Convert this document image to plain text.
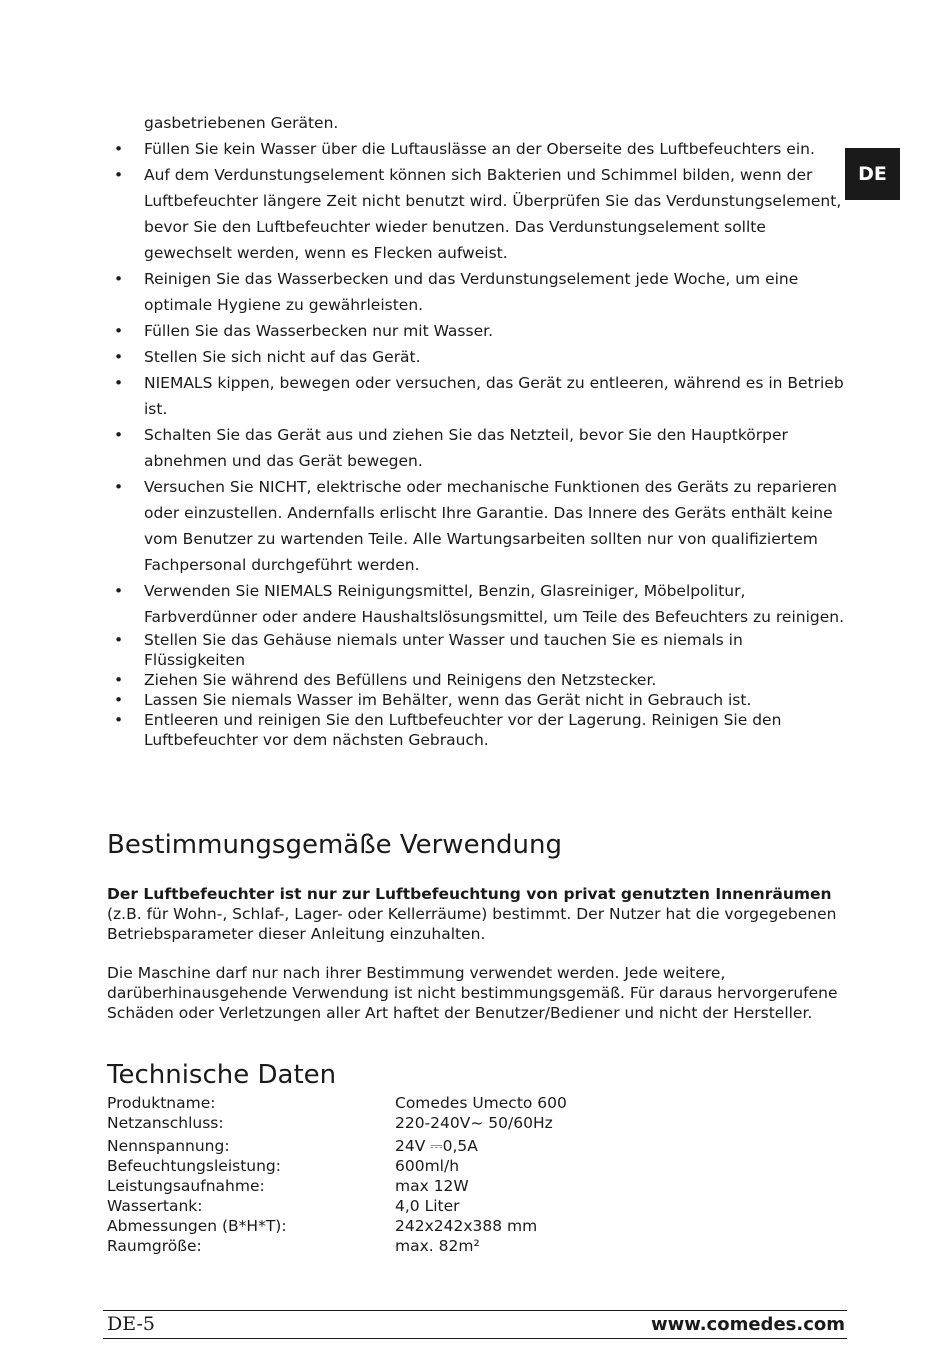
DE
gasbetriebenen Geräten.
• Füllen Sie kein Wasser über die Luftauslässe an der Oberseite des Luftbefeuchters ein.
• Auf dem Verdunstungselement können sich Bakterien und Schimmel bilden, wenn der Luftbefeuchter längere Zeit nicht benutzt wird. Überprüfen Sie das Verdunstungselement, bevor Sie den Luftbefeuchter wieder benutzen. Das Verdunstungselement sollte gewechselt werden, wenn es Flecken aufweist.
• Reinigen Sie das Wasserbecken und das Verdunstungselement jede Woche, um eine optimale Hygiene zu gewährleisten.
• Füllen Sie das Wasserbecken nur mit Wasser.
• Stellen Sie sich nicht auf das Gerät.
• NIEMALS kippen, bewegen oder versuchen, das Gerät zu entleeren, während es in Betrieb ist.
• Schalten Sie das Gerät aus und ziehen Sie das Netzteil, bevor Sie den Hauptkörper abnehmen und das Gerät bewegen.
• Versuchen Sie NICHT, elektrische oder mechanische Funktionen des Geräts zu reparieren oder einzustellen. Andernfalls erlischt Ihre Garantie. Das Innere des Geräts enthält keine vom Benutzer zu wartenden Teile. Alle Wartungsarbeiten sollten nur von qualifiziertem Fachpersonal durchgeführt werden.
• Verwenden Sie NIEMALS Reinigungsmittel, Benzin, Glasreiniger, Möbelpolitur, Farbverdünner oder andere Haushaltslösungsmittel, um Teile des Befeuchters zu reinigen.
• Stellen Sie das Gehäuse niemals unter Wasser und tauchen Sie es niemals in Flüssigkeiten
• Ziehen Sie während des Befüllens und Reinigens den Netzstecker.
• Lassen Sie niemals Wasser im Behälter, wenn das Gerät nicht in Gebrauch ist.
• Entleeren und reinigen Sie den Luftbefeuchter vor der Lagerung. Reinigen Sie den Luftbefeuchter vor dem nächsten Gebrauch.
Bestimmungsgemäße Verwendung

Der Luftbefeuchter ist nur zur Luftbefeuchtung von privat genutzten Innenräumen (z.B. für Wohn-, Schlaf-, Lager- oder Kellerräume) bestimmt. Der Nutzer hat die vorgegebenen Betriebsparameter dieser Anleitung einzuhalten.

Die Maschine darf nur nach ihrer Bestimmung verwendet werden. Jede weitere, darüberhinausgehende Verwendung ist nicht bestimmungsgemäß. Für daraus hervorgerufene Schäden oder Verletzungen aller Art haftet der Benutzer/Bediener und nicht der Hersteller.

Technische Daten
Produktname:	Comedes Umecto 600
Netzanschluss:	220-240V~ 50/60Hz
Nennspannung:	24V ⎓0,5A
Befeuchtungsleistung:	600ml/h
Leistungsaufnahme:	max 12W
Wassertank:	4,0 Liter
Abmessungen (B*H*T):	242x242x388 mm
Raumgröße:	max. 82m²
DE-5	www.comedes.com
